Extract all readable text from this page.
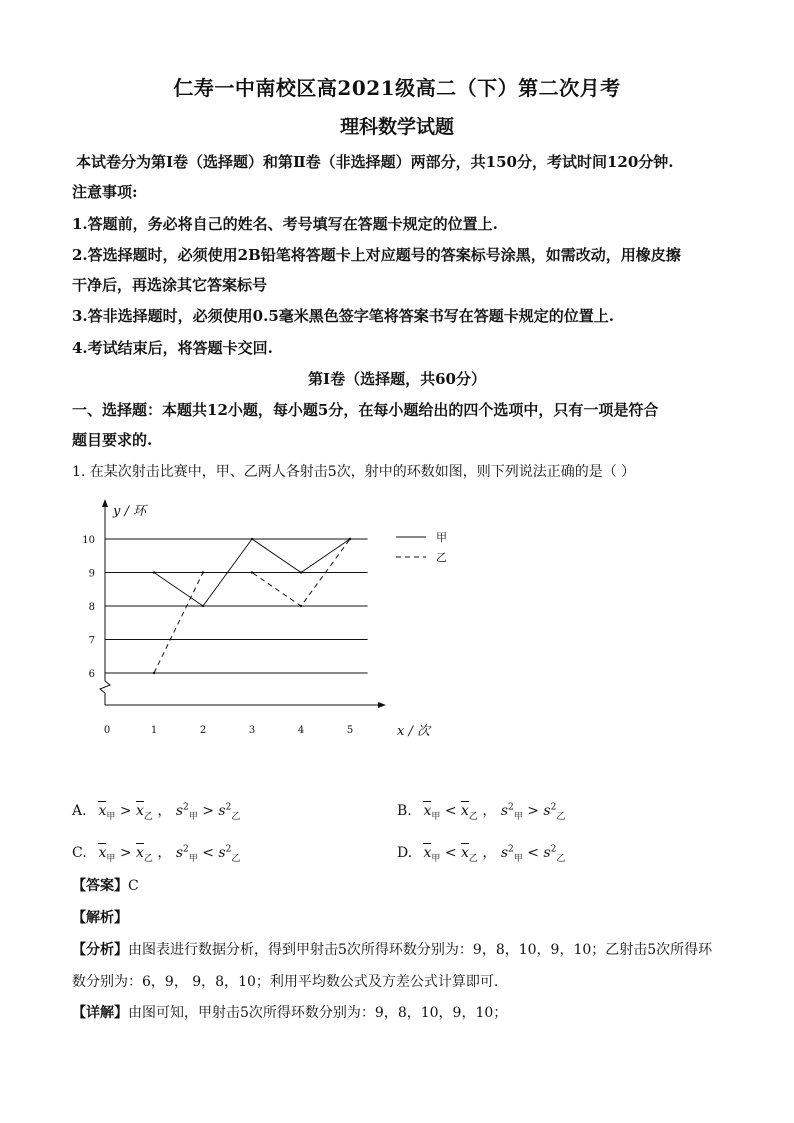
仁寿一中南校区高2021级高二（下）第二次月考
理科数学试题
本试卷分为第Ⅰ卷（选择题）和第Ⅱ卷（非选择题）两部分，共150分，考试时间120分钟.
注意事项:
1.答题前，务必将自己的姓名、考号填写在答题卡规定的位置上.
2.答选择题时，必须使用2B铅笔将答题卡上对应题号的答案标号涂黑，如需改动，用橡皮擦
干净后，再选涂其它答案标号
3.答非选择题时，必须使用0.5毫米黑色签字笔将答案书写在答题卡规定的位置上.
4.考试结束后，将答题卡交回.
第Ⅰ卷（选择题，共60分）
一、选择题：本题共12小题，每小题5分，在每小题给出的四个选项中，只有一项是符合
题目要求的.
1. 在某次射击比赛中，甲、乙两人各射击5次，射中的环数如图，则下列说法正确的是（ ）
6
7
8
9
10
y / 环
0	1	2	3	4	5	x / 次
甲
乙
A. $x_甲 > x_乙$ ， $s^2_甲 > s^2_乙$	B. $x_甲 < x_乙$ ， $s^2_甲 > s^2_乙$
C. $x_甲 > x_乙$ ， $s^2_甲 < s^2_乙$	D. $x_甲 < x_乙$ ， $s^2_甲 < s^2_乙$
【答案】C
【解析】
【分析】由图表进行数据分析，得到甲射击5次所得环数分别为：9，8，10，9，10；乙射击5次所得环
数分别为：6，9， 9，8，10；利用平均数公式及方差公式计算即可.
【详解】由图可知，甲射击5次所得环数分别为：9，8，10，9，10；
